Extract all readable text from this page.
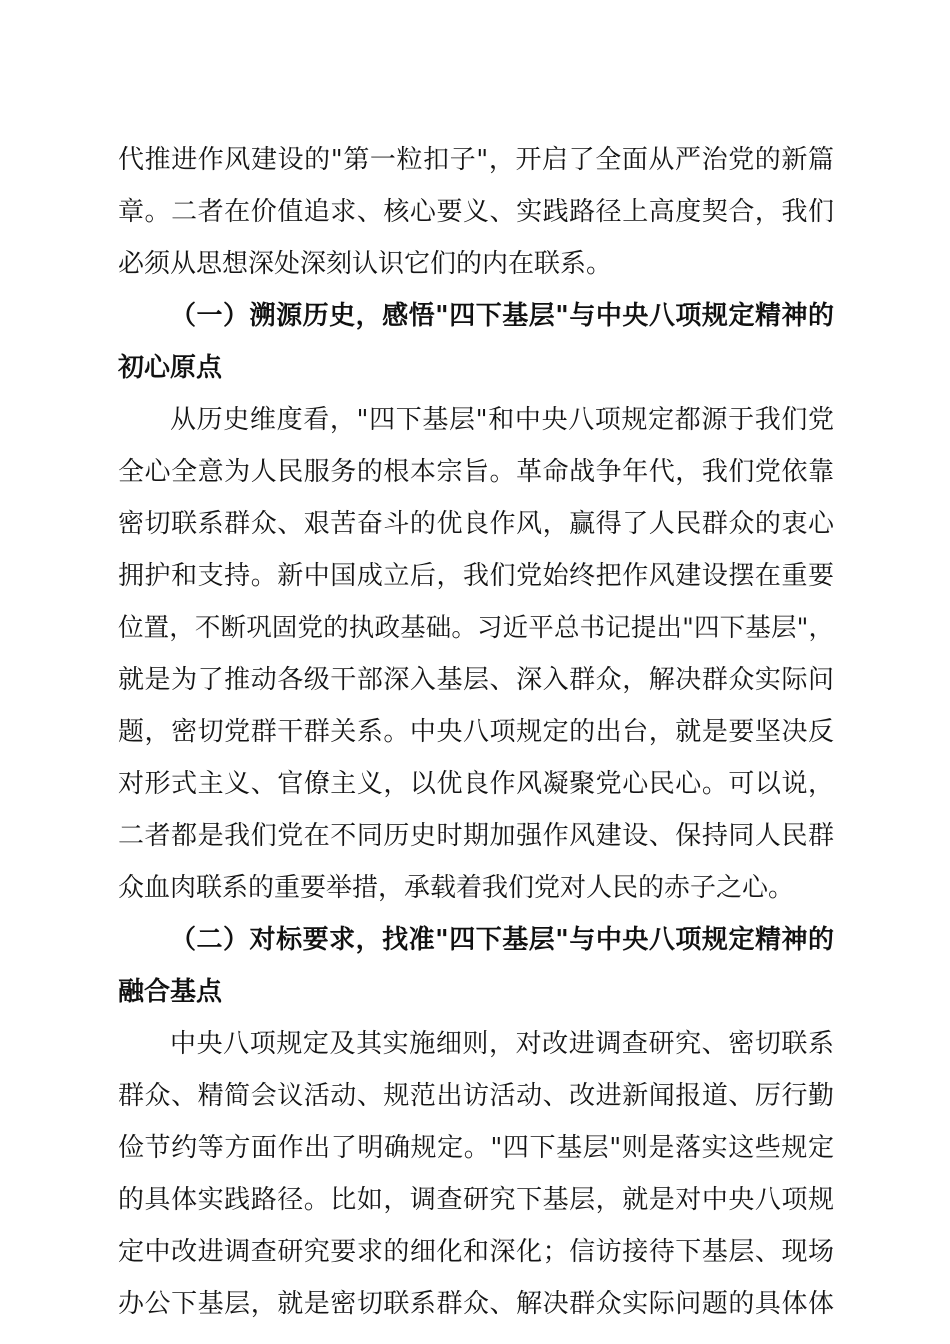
代推进作风建设的"第一粒扣子"，开启了全面从严治党的新篇
章。二者在价值追求、核心要义、实践路径上高度契合，我们
必须从思想深处深刻认识它们的内在联系。
（一）溯源历史，感悟"四下基层"与中央八项规定精神的
初心原点
从历史维度看，"四下基层"和中央八项规定都源于我们党
全心全意为人民服务的根本宗旨。革命战争年代，我们党依靠
密切联系群众、艰苦奋斗的优良作风，赢得了人民群众的衷心
拥护和支持。新中国成立后，我们党始终把作风建设摆在重要
位置，不断巩固党的执政基础。习近平总书记提出"四下基层"，
就是为了推动各级干部深入基层、深入群众，解决群众实际问
题，密切党群干群关系。中央八项规定的出台，就是要坚决反
对形式主义、官僚主义，以优良作风凝聚党心民心。可以说，
二者都是我们党在不同历史时期加强作风建设、保持同人民群
众血肉联系的重要举措，承载着我们党对人民的赤子之心。
（二）对标要求，找准"四下基层"与中央八项规定精神的
融合基点
中央八项规定及其实施细则，对改进调查研究、密切联系
群众、精简会议活动、规范出访活动、改进新闻报道、厉行勤
俭节约等方面作出了明确规定。"四下基层"则是落实这些规定
的具体实践路径。比如，调查研究下基层，就是对中央八项规
定中改进调查研究要求的细化和深化；信访接待下基层、现场
办公下基层，就是密切联系群众、解决群众实际问题的具体体
